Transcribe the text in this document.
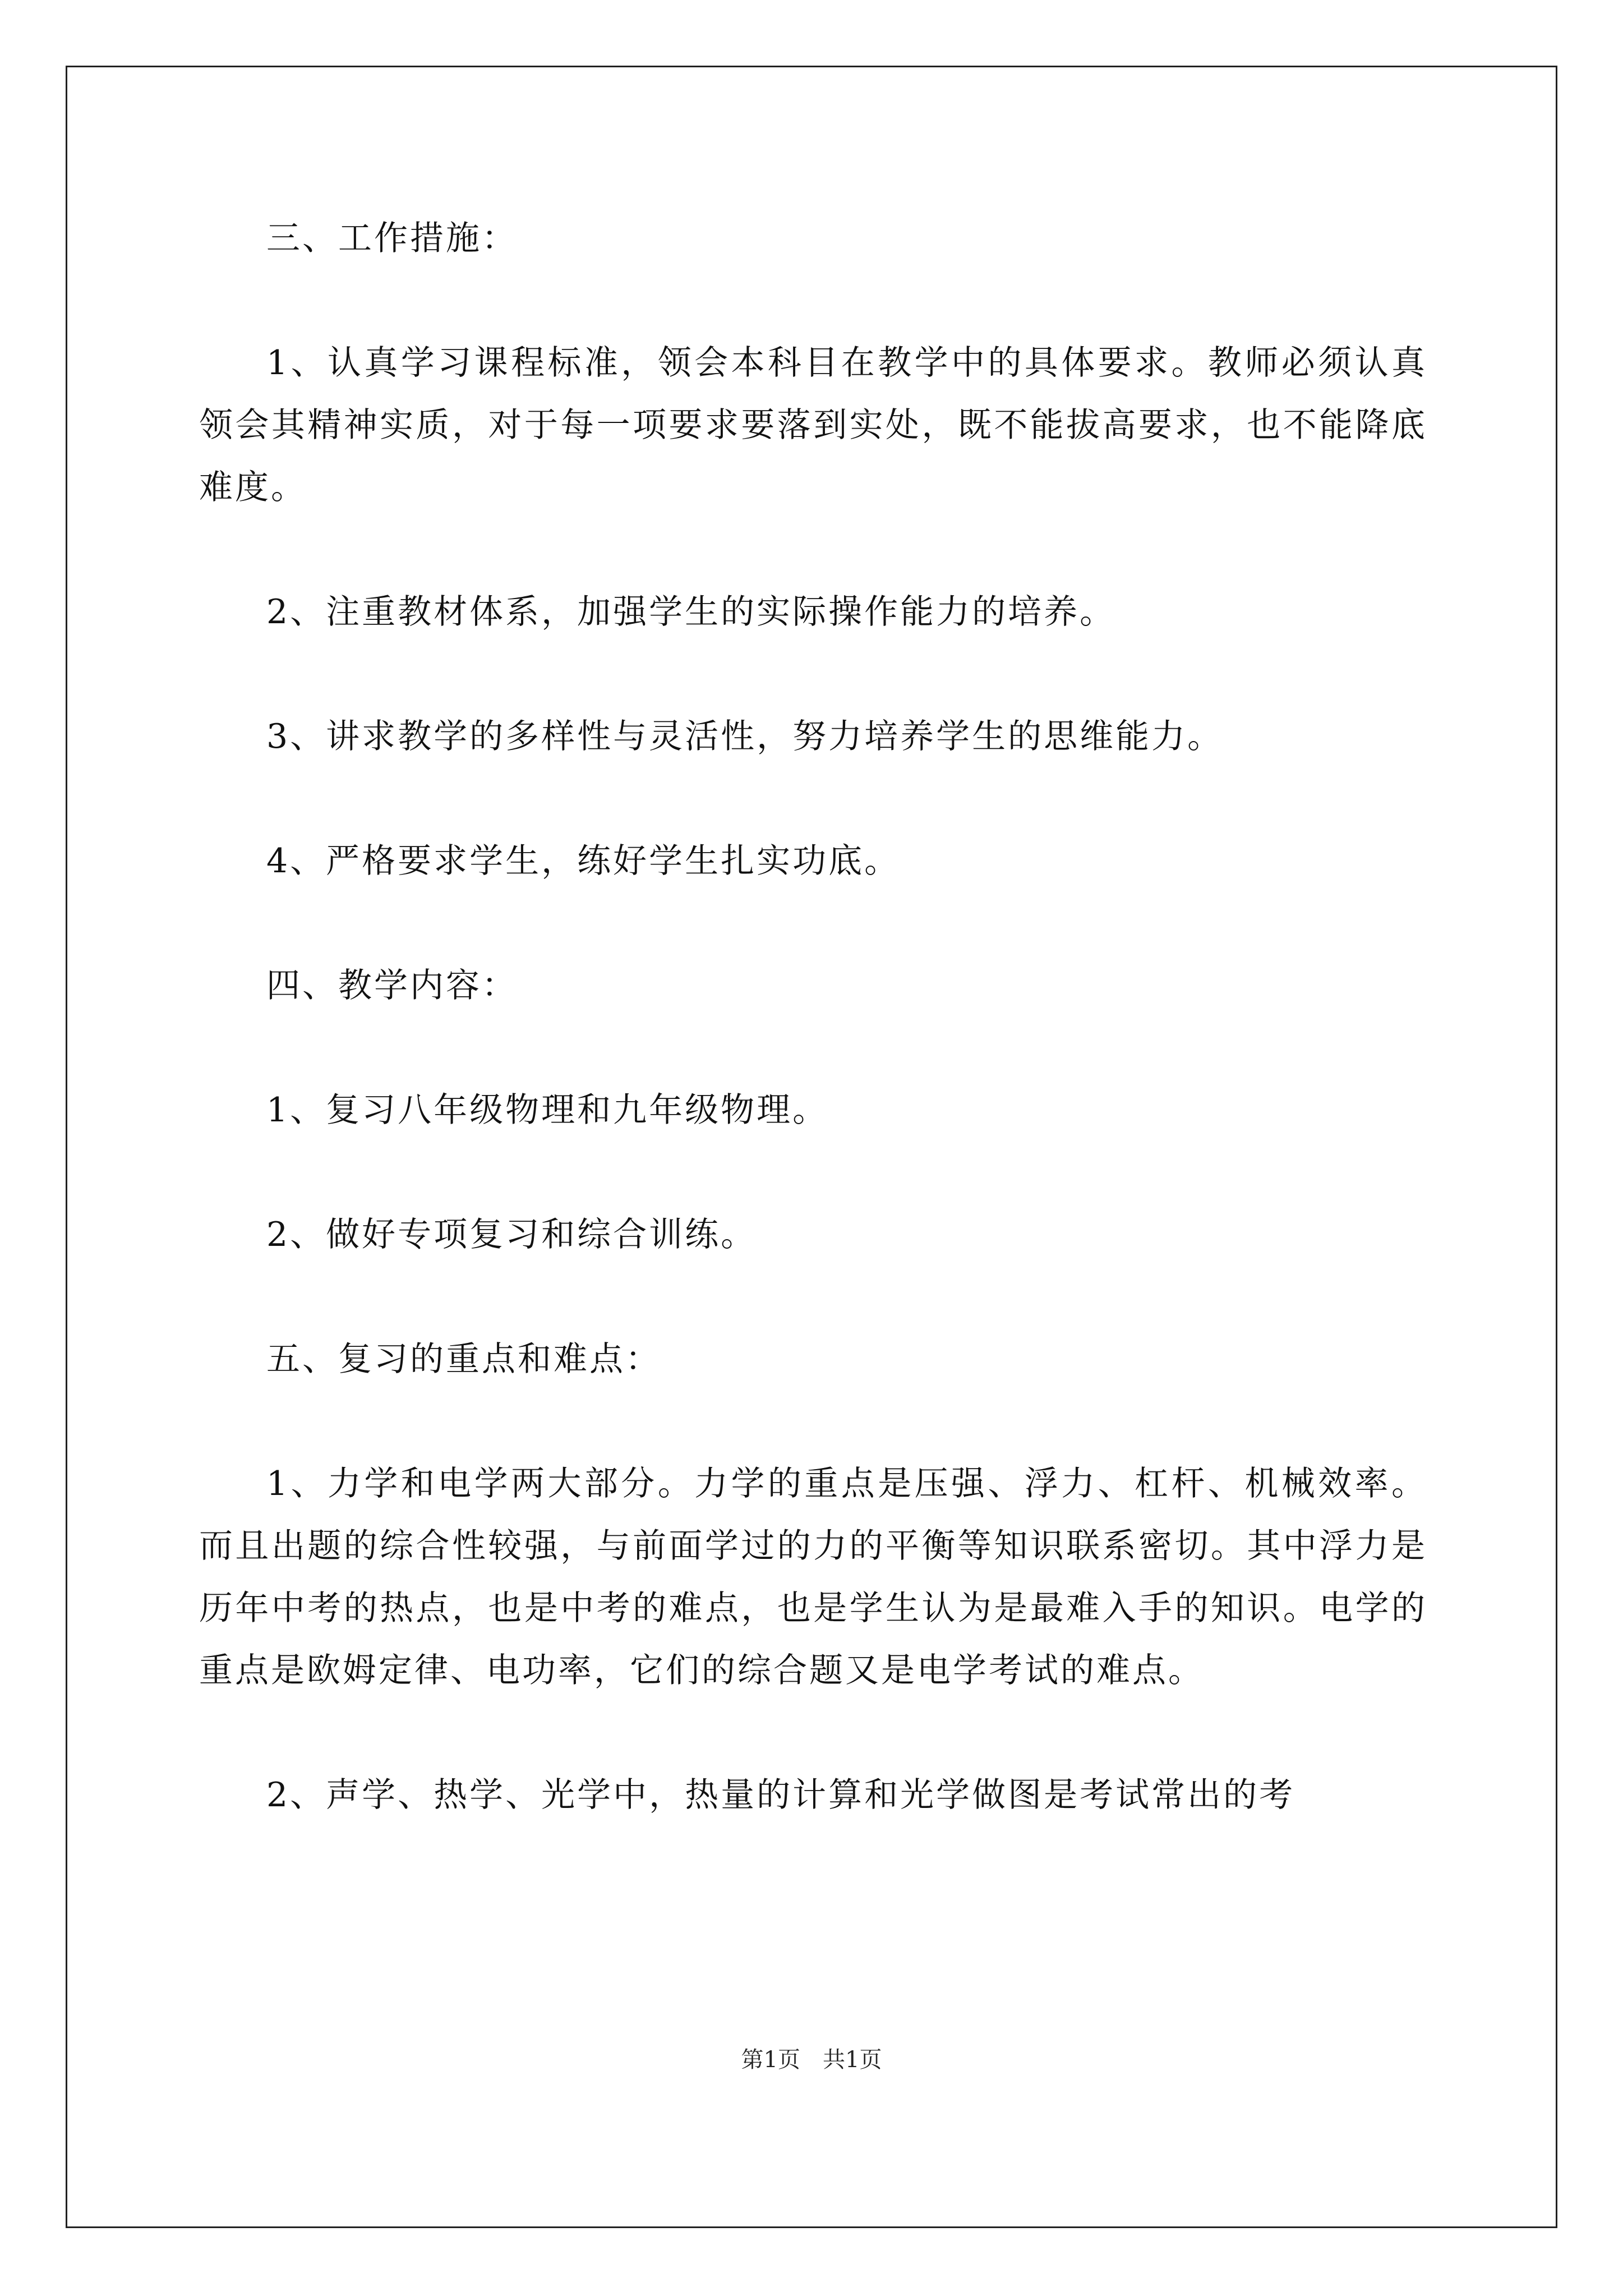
三、工作措施：

1、认真学习课程标准，领会本科目在教学中的具体要求。教师必须认真领会其精神实质，对于每一项要求要落到实处，既不能拔高要求，也不能降底难度。

2、注重教材体系，加强学生的实际操作能力的培养。

3、讲求教学的多样性与灵活性，努力培养学生的思维能力。

4、严格要求学生，练好学生扎实功底。

四、教学内容：

1、复习八年级物理和九年级物理。

2、做好专项复习和综合训练。

五、复习的重点和难点：

1、力学和电学两大部分。力学的重点是压强、浮力、杠杆、机械效率。而且出题的综合性较强，与前面学过的力的平衡等知识联系密切。其中浮力是历年中考的热点，也是中考的难点，也是学生认为是最难入手的知识。电学的重点是欧姆定律、电功率，它们的综合题又是电学考试的难点。

2、声学、热学、光学中，热量的计算和光学做图是考试常出的考

第1页　共1页
